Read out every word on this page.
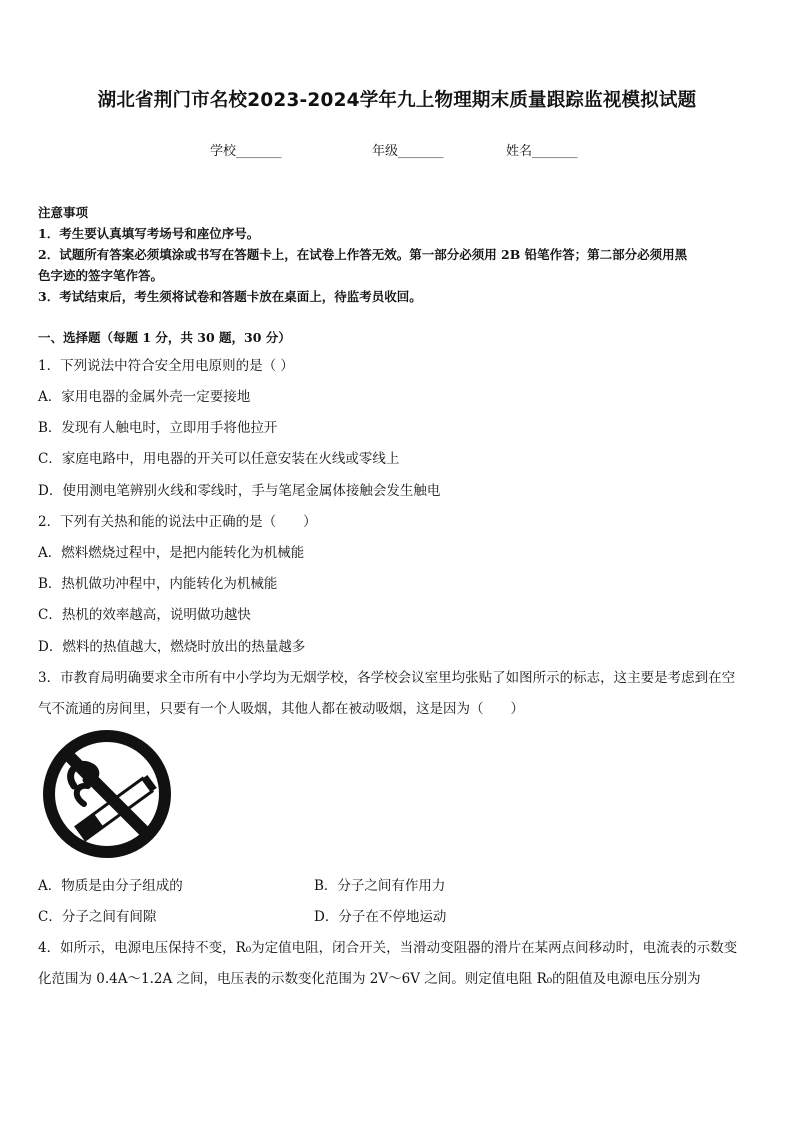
湖北省荆门市名校2023-2024学年九上物理期末质量跟踪监视模拟试题
学校_______	年级_______	姓名_______
注意事项
1．考生要认真填写考场号和座位序号。
2．试题所有答案必须填涂或书写在答题卡上，在试卷上作答无效。第一部分必须用 2B 铅笔作答；第二部分必须用黑
色字迹的签字笔作答。
3．考试结束后，考生须将试卷和答题卡放在桌面上，待监考员收回。
一、选择题（每题 1 分，共 30 题，30 分）
1．下列说法中符合安全用电原则的是（ ）
A．家用电器的金属外壳一定要接地
B．发现有人触电时，立即用手将他拉开
C．家庭电路中，用电器的开关可以任意安装在火线或零线上
D．使用测电笔辨别火线和零线时，手与笔尾金属体接触会发生触电
2．下列有关热和能的说法中正确的是（　　）
A．燃料燃烧过程中，是把内能转化为机械能
B．热机做功冲程中，内能转化为机械能
C．热机的效率越高，说明做功越快
D．燃料的热值越大，燃烧时放出的热量越多
3．市教育局明确要求全市所有中小学均为无烟学校，各学校会议室里均张贴了如图所示的标志，这主要是考虑到在空
气不流通的房间里，只要有一个人吸烟，其他人都在被动吸烟，这是因为（　　）
A．物质是由分子组成的	B．分子之间有作用力
C．分子之间有间隙	D．分子在不停地运动
4．如所示，电源电压保持不变，R₀为定值电阻，闭合开关，当滑动变阻器的滑片在某两点间移动时，电流表的示数变
化范围为 0.4A～1.2A 之间，电压表的示数变化范围为 2V～6V 之间。则定值电阻 R₀的阻值及电源电压分别为
